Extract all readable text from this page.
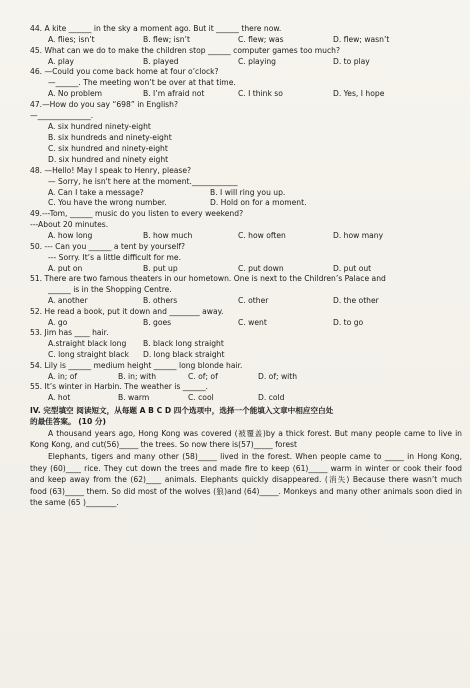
44. A kite ______ in the sky a moment ago. But it ______ there now.
A. flies; isn’t	B. flew; isn’t	C. flew; was	D. flew; wasn’t
45. What can we do to make the children stop ______ computer games too much?
A. play	B. played	C. playing	D. to play
46. —Could you come back home at four o’clock?
—______. The meeting won’t be over at that time.
A. No problem	B. I’m afraid not	C. I think so	D. Yes, I hope
47.—How do you say “698” in English?
—______________.
A. six hundred ninety-eight
B. six hundreds and ninety-eight
C. six hundred and ninety-eight
D. six hundred and ninety eight
48. —Hello! May I speak to Henry, please?
— Sorry, he isn't here at the moment.____________
A. Can I take a message?	B. I will ring you up.
C. You have the wrong number.	D. Hold on for a moment.
49.---Tom, ______ music do you listen to every weekend?
---About 20 minutes.
A. how long	B. how much	C. how often	D. how many
50. --- Can you ______ a tent by yourself?
--- Sorry. It’s a little difficult for me.
A. put on	B. put up	C. put down	D. put out
51. There are two famous theaters in our hometown. One is next to the Children’s Palace and
______ is in the Shopping Centre.
A. another	B. others	C. other	D. the other
52. He read a book, put it down and ________ away.
A. go	B. goes	C. went	D. to go
53. Jim has ____ hair.
A.straight black long	B. black long straight
C. long straight black	D. long black straight
54. Lily is ______ medium height ______ long blonde hair.
A. in; of	B. in; with	C. of; of	D. of; with
55. It’s winter in Harbin. The weather is ______.
A. hot	B. warm	C. cool	D. cold
IV. 完型填空 阅读短文，从每题 A B C D 四个选项中，选择一个能填入文章中相应空白处
的最佳答案。 (10 分)

A thousand years ago, Hong Kong was covered (被覆盖)by a thick forest. But many people came to live in Kong Kong, and cut(56)_____ the trees. So now there is(57)_____ forest

Elephants, tigers and many other (58)_____ lived in the forest. When people came to _____ in Hong Kong, they (60)____ rice. They cut down the trees and made fire to keep (61)_____ warm in winter or cook their food and keep away from the (62)____ animals. Elephants quickly disappeared. (消失) Because there wasn’t much food (63)_____ them. So did most of the wolves (狼)and (64)_____. Monkeys and many other animals soon died in the same (65 )________.
